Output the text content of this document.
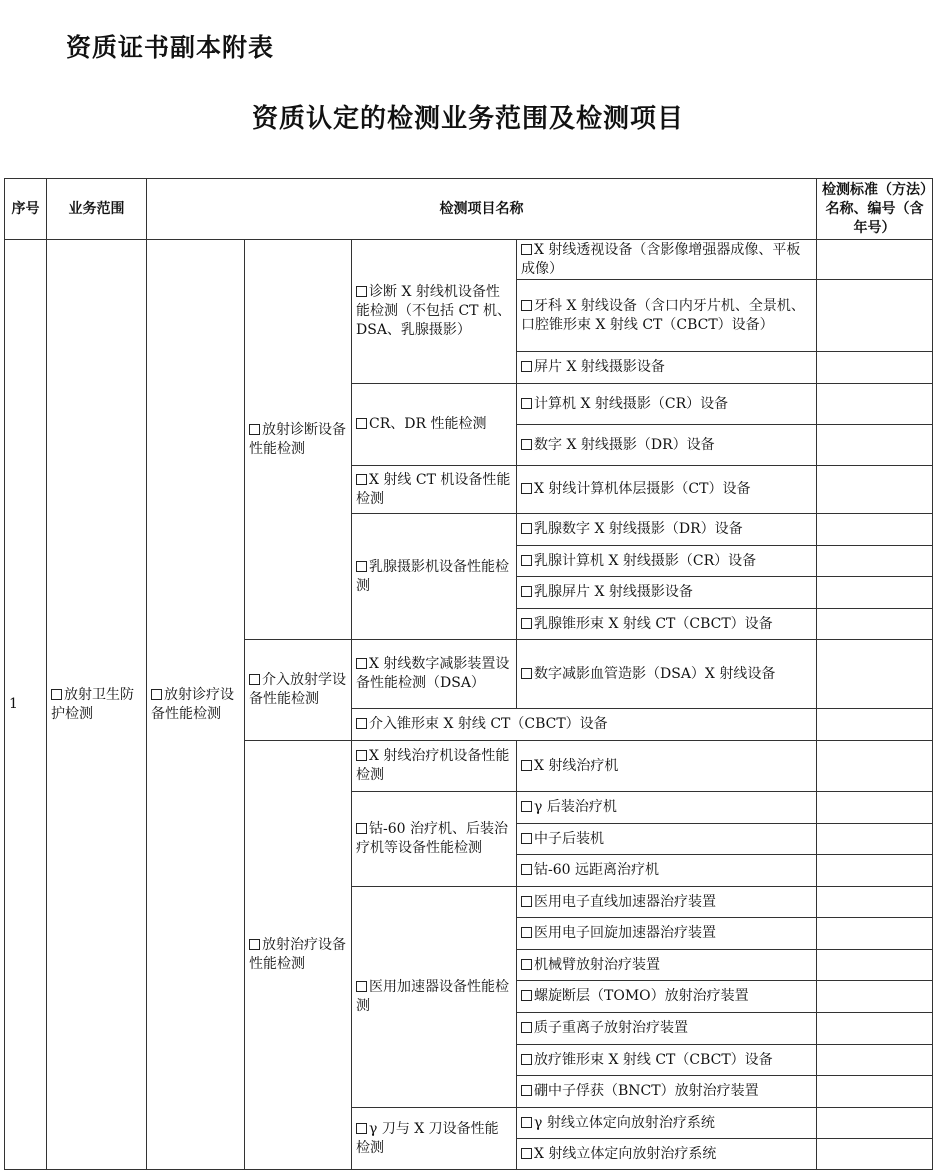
资质证书副本附表
资质认定的检测业务范围及检测项目
序号	业务范围	检测项目名称				检测标准（方法）名称、编号（含年号）
1	放射卫生防护检测	放射诊疗设备性能检测	放射诊断设备性能检测	诊断 X 射线机设备性能检测（不包括 CT 机、DSA、乳腺摄影）	X 射线透视设备（含影像增强器成像、平板成像）	
					牙科 X 射线设备（含口内牙片机、全景机、口腔锥形束 X 射线 CT（CBCT）设备）	
					屏片 X 射线摄影设备	
				CR、DR 性能检测	计算机 X 射线摄影（CR）设备	
					数字 X 射线摄影（DR）设备	
				X 射线 CT 机设备性能检测	X 射线计算机体层摄影（CT）设备	
				乳腺摄影机设备性能检测	乳腺数字 X 射线摄影（DR）设备	
					乳腺计算机 X 射线摄影（CR）设备	
					乳腺屏片 X 射线摄影设备	
					乳腺锥形束 X 射线 CT（CBCT）设备	
			介入放射学设备性能检测	X 射线数字减影装置设备性能检测（DSA）	数字减影血管造影（DSA）X 射线设备	
				介入锥形束 X 射线 CT（CBCT）设备		
			放射治疗设备性能检测	X 射线治疗机设备性能检测	X 射线治疗机	
				钴-60 治疗机、后装治疗机等设备性能检测	γ 后装治疗机	
					中子后装机	
					钴-60 远距离治疗机	
				医用加速器设备性能检测	医用电子直线加速器治疗装置	
					医用电子回旋加速器治疗装置	
					机械臂放射治疗装置	
					螺旋断层（TOMO）放射治疗装置	
					质子重离子放射治疗装置	
					放疗锥形束 X 射线 CT（CBCT）设备	
					硼中子俘获（BNCT）放射治疗装置	
				γ 刀与 X 刀设备性能检测	γ 射线立体定向放射治疗系统	
					X 射线立体定向放射治疗系统	
